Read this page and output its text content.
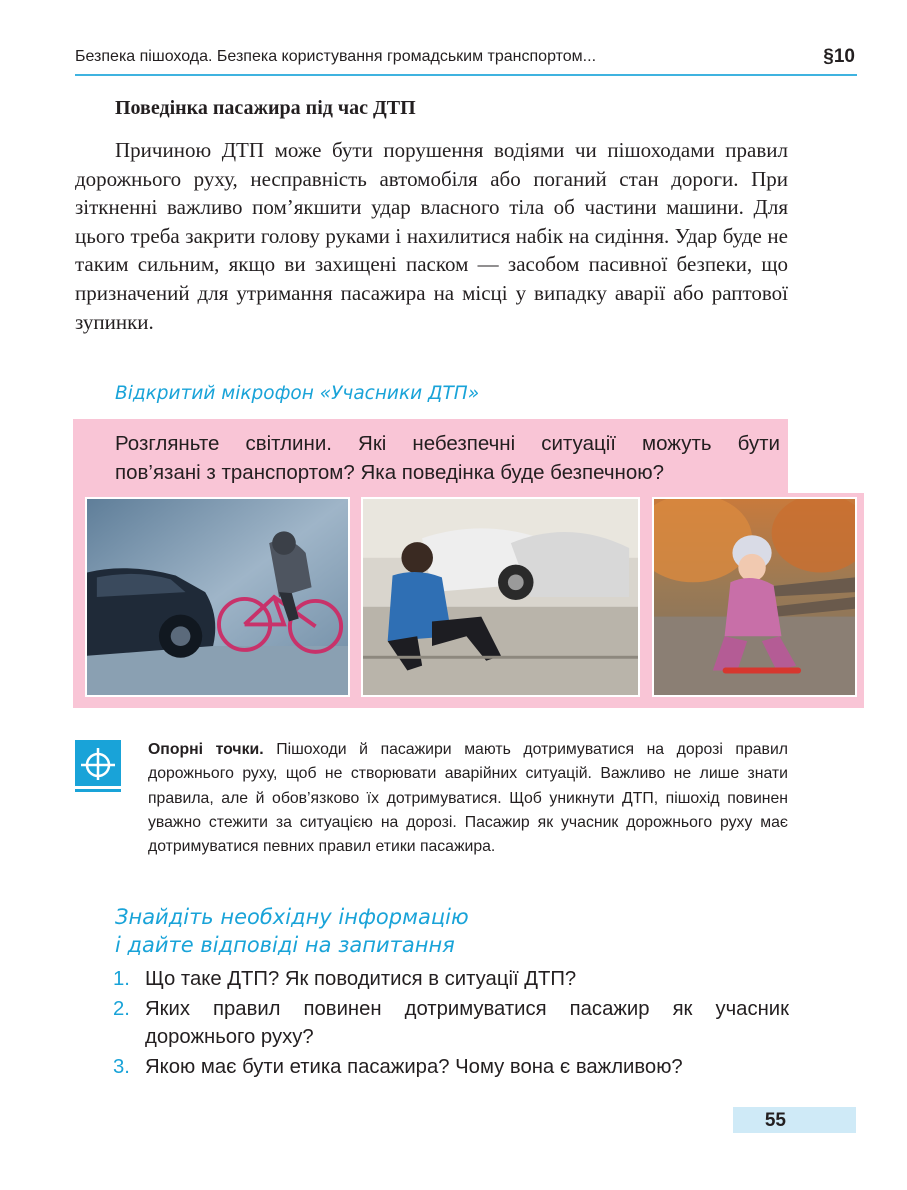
Безпека пішохода. Безпека користування громадським транспортом...	§10
Поведінка пасажира під час ДТП

Причиною ДТП може бути порушення водіями чи пішоходами правил дорожнього руху, несправність автомобіля або поганий стан дороги. При зіткненні важливо пом’якшити удар власного тіла об частини машини. Для цього треба закрити голову руками і нахилитися набік на сидіння. Удар буде не таким сильним, якщо ви захищені паском — засобом пасивної безпеки, що призначений для утримання пасажира на місці у випадку аварії або раптової зупинки.

Відкритий мікрофон «Учасники ДТП»
Розгляньте світлини. Які небезпечні ситуації можуть бути
пов’язані з транспортом? Яка поведінка буде безпечною?
Опорні точки. Пішоходи й пасажири мають дотримуватися на дорозі правил дорожнього руху, щоб не створювати аварійних ситуацій. Важливо не лише знати правила, але й обов’язково їх дотримуватися. Щоб уникнути ДТП, пішохід повинен уважно стежити за ситуацією на дорозі. Пасажир як учасник дорожнього руху має дотримуватися певних правил етики пасажира.
Знайдіть необхідну інформацію
і дайте відповіді на запитання
1. Що таке ДТП? Як поводитися в ситуації ДТП?
2. Яких правил повинен дотримуватися пасажир як учасник дорожнього руху?
3. Якою має бути етика пасажира? Чому вона є важливою?
55
